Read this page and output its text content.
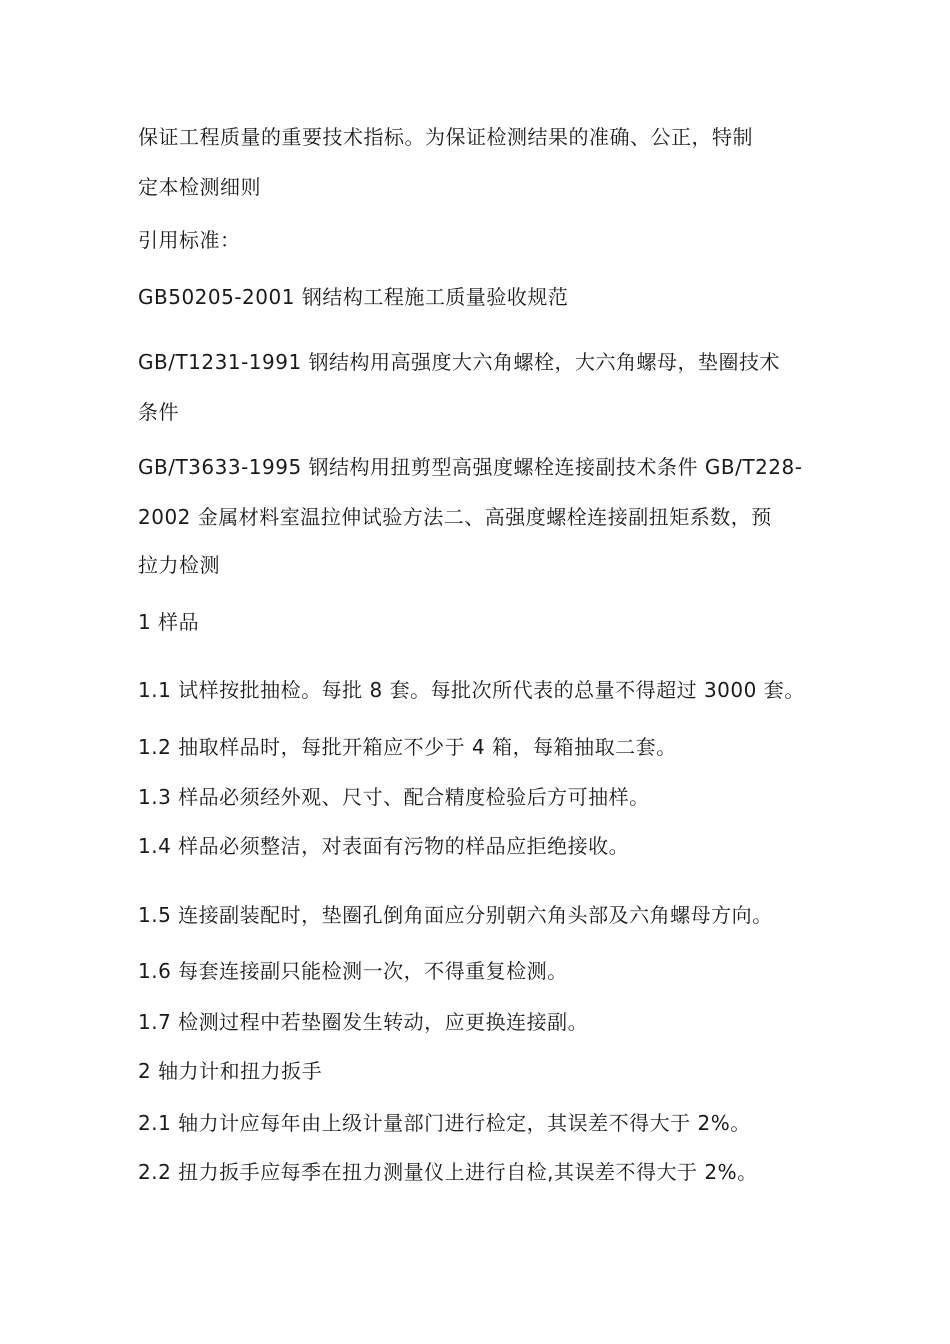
保证工程质量的重要技术指标。为保证检测结果的准确、公正，特制
定本检测细则
引用标准：
GB50205-2001 钢结构工程施工质量验收规范
GB/T1231-1991 钢结构用高强度大六角螺栓，大六角螺母，垫圈技术
条件
GB/T3633-1995 钢结构用扭剪型高强度螺栓连接副技术条件 GB/T228-
2002 金属材料室温拉伸试验方法二、高强度螺栓连接副扭矩系数，预
拉力检测
1 样品
1.1 试样按批抽检。每批 8 套。每批次所代表的总量不得超过 3000 套。
1.2 抽取样品时，每批开箱应不少于 4 箱，每箱抽取二套。
1.3 样品必须经外观、尺寸、配合精度检验后方可抽样。
1.4 样品必须整洁，对表面有污物的样品应拒绝接收。
1.5 连接副装配时，垫圈孔倒角面应分别朝六角头部及六角螺母方向。
1.6 每套连接副只能检测一次，不得重复检测。
1.7 检测过程中若垫圈发生转动，应更换连接副。
2 轴力计和扭力扳手
2.1 轴力计应每年由上级计量部门进行检定，其误差不得大于 2%。
2.2 扭力扳手应每季在扭力测量仪上进行自检,其误差不得大于 2%。
